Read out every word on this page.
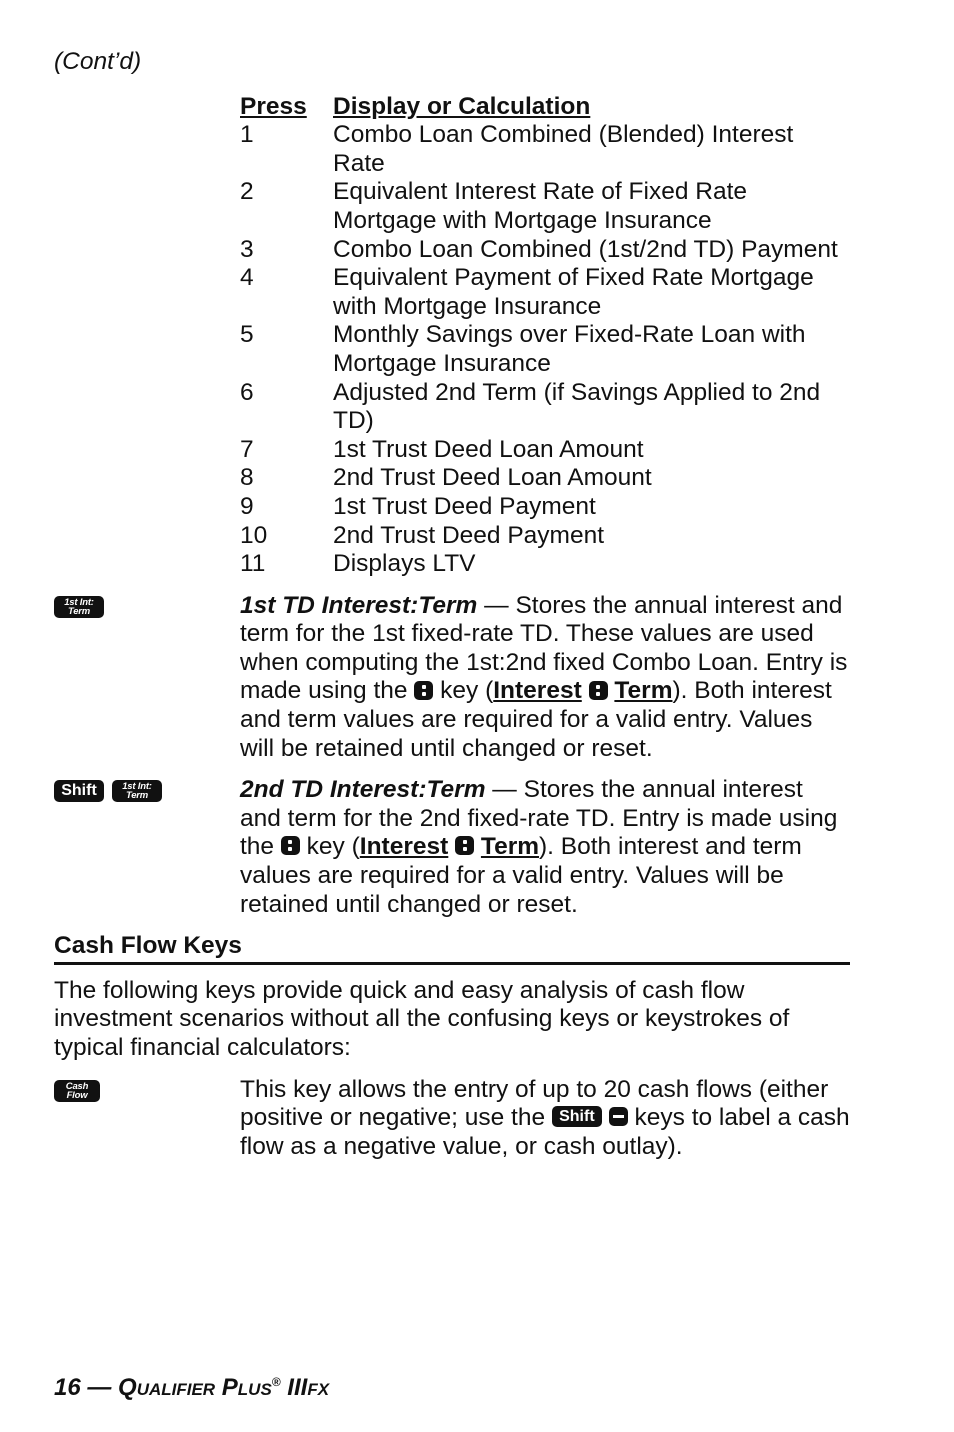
(Cont’d)
Press	Display or Calculation
1	Combo Loan Combined (Blended) Interest Rate
2	Equivalent Interest Rate of Fixed Rate Mortgage with Mortgage Insurance
3	Combo Loan Combined (1st/2nd TD) Payment
4	Equivalent Payment of Fixed Rate Mortgage with Mortgage Insurance
5	Monthly Savings over Fixed-Rate Loan with Mortgage Insurance
6	Adjusted 2nd Term (if Savings Applied to 2nd TD)
7	1st Trust Deed Loan Amount
8	2nd Trust Deed Loan Amount
9	1st Trust Deed Payment
10	2nd Trust Deed Payment
11	Displays LTV
1st Int:
Term	1st TD Interest:Term — Stores the annual interest and term for the 1st fixed-rate TD. These values are used when computing the 1st:2nd fixed Combo Loan. Entry is made using the
key (Interest Term). Both interest and term values are required for a valid entry. Values will be retained until changed or reset.
Shift	1st Int:
Term	2nd TD Interest:Term — Stores the annual interest and term for the 2nd fixed-rate TD. Entry is made using the
key (Interest Term). Both interest and term values are required for a valid entry. Values will be retained until changed or reset.
Cash Flow Keys
The following keys provide quick and easy analysis of cash flow investment scenarios without all the confusing keys or keystrokes of typical financial calculators:
Cash
Flow	This key allows the entry of up to 20 cash flows (either positive or negative; use the Shift
keys to label a cash flow as a negative value, or cash outlay).
16 — QUALIFIER PLUS® IIIFX
